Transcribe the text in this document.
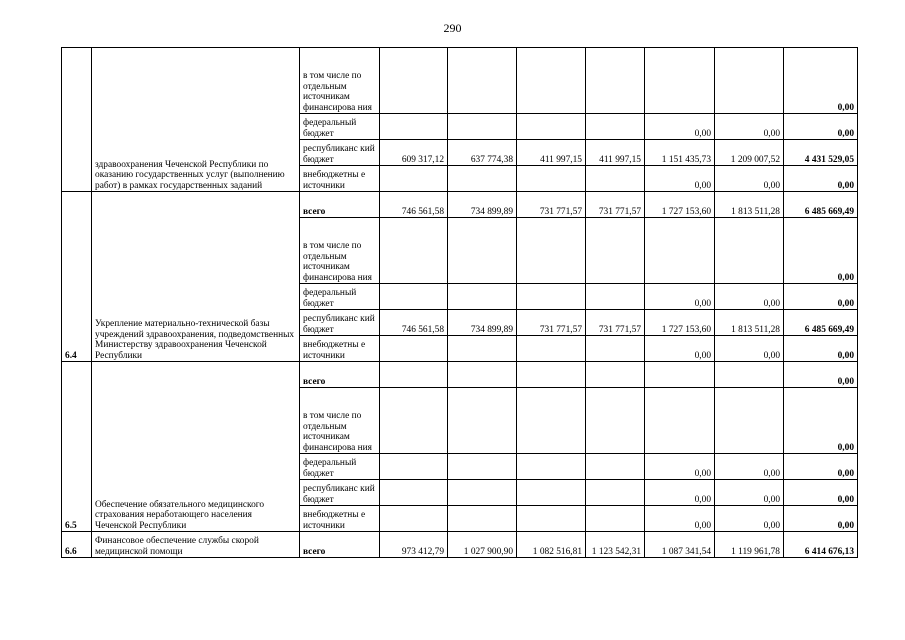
290
	здравоохранения Чеченской Республики по оказанию государственных услуг (выполнению работ) в рамках государственных заданий	в том числе по отдельным источникам финансирова ния							0,00
		федеральный бюджет					0,00	0,00	0,00
		республиканс кий бюджет	609 317,12	637 774,38	411 997,15	411 997,15	1 151 435,73	1 209 007,52	4 431 529,05
		внебюджетны е источники					0,00	0,00	0,00
6.4	Укрепление материально-технической базы учреждений здравоохранения, подведомственных Министерству здравоохранения Чеченской Республики	всего	746 561,58	734 899,89	731 771,57	731 771,57	1 727 153,60	1 813 511,28	6 485 669,49
		в том числе по отдельным источникам финансирова ния							0,00
		федеральный бюджет					0,00	0,00	0,00
		республиканс кий бюджет	746 561,58	734 899,89	731 771,57	731 771,57	1 727 153,60	1 813 511,28	6 485 669,49
		внебюджетны е источники					0,00	0,00	0,00
6.5	Обеспечение обязательного медицинского страхования неработающего населения Чеченской Республики	всего							0,00
		в том числе по отдельным источникам финансирова ния							0,00
		федеральный бюджет					0,00	0,00	0,00
		республиканс кий бюджет					0,00	0,00	0,00
		внебюджетны е источники					0,00	0,00	0,00
6.6	Финансовое обеспечение службы скорой медицинской помощи	всего	973 412,79	1 027 900,90	1 082 516,81	1 123 542,31	1 087 341,54	1 119 961,78	6 414 676,13
